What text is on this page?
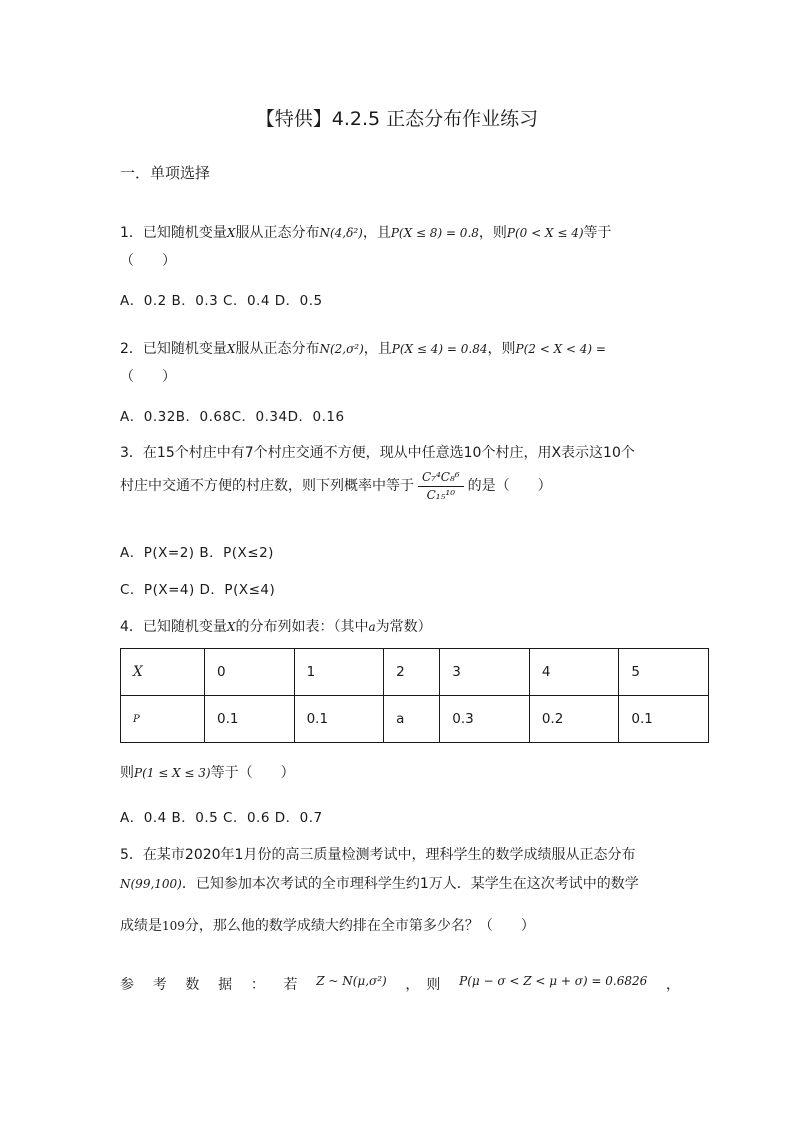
【特供】4.2.5 正态分布作业练习
一．单项选择
1．已知随机变量X服从正态分布N(4,δ²)，且P(X ≤ 8) = 0.8，则P(0 < X ≤ 4)等于
（　　）
A．0.2 B．0.3 C．0.4 D．0.5
2．已知随机变量X服从正态分布N(2,σ²)，且P(X ≤ 4) = 0.84，则P(2 < X < 4) =
（　　）
A．0.32B．0.68C．0.34D．0.16
3．在15个村庄中有7个村庄交通不方便，现从中任意选10个村庄，用X表示这10个
村庄中交通不方便的村庄数，则下列概率中等于 $\frac{\text{C₇⁴C₈⁶}}{\text{C₁₅¹⁰}}$ 的是（　　）
A．P(X=2) B．P(X≤2)
C．P(X=4) D．P(X≤4)
4．已知随机变量X的分布列如表：（其中a为常数）
X	0	1	2	3	4	5
P	0.1	0.1	a	0.3	0.2	0.1
则P(1 ≤ X ≤ 3)等于（　　）
A．0.4 B．0.5 C．0.6 D．0.7
5．在某市2020年1月份的高三质量检测考试中，理科学生的数学成绩服从正态分布
N(99,100)．已知参加本次考试的全市理科学生约1万人．某学生在这次考试中的数学
成绩是109分，那么他的数学成绩大约排在全市第多少名？（　　）
参 考 数 据 ： 若 Z ~ N(μ,σ²) ，　则 P(μ − σ < Z < μ + σ) = 0.6826 ，
